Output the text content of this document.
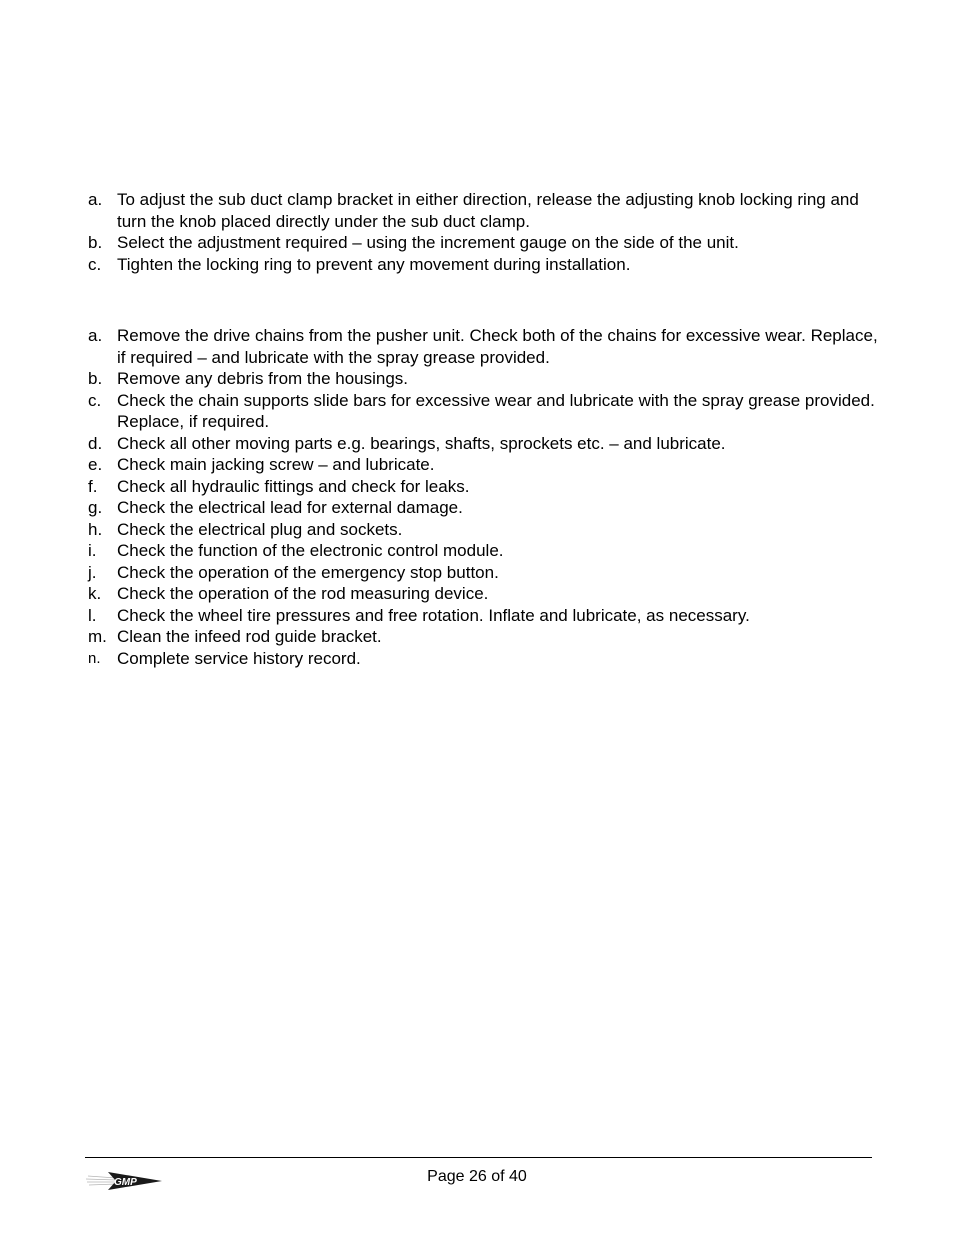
a. To adjust the sub duct clamp bracket in either direction, release the adjusting knob locking ring and turn the knob placed directly under the sub duct clamp.
b. Select the adjustment required – using the increment gauge on the side of the unit.
c. Tighten the locking ring to prevent any movement during installation.
a. Remove the drive chains from the pusher unit. Check both of the chains for excessive wear. Replace, if required – and lubricate with the spray grease provided.
b. Remove any debris from the housings.
c. Check the chain supports slide bars for excessive wear and lubricate with the spray grease provided. Replace, if required.
d. Check all other moving parts e.g. bearings, shafts, sprockets etc. – and lubricate.
e. Check main jacking screw – and lubricate.
f. Check all hydraulic fittings and check for leaks.
g. Check the electrical lead for external damage.
h. Check the electrical plug and sockets.
i. Check the function of the electronic control module.
j. Check the operation of the emergency stop button.
k. Check the operation of the rod measuring device.
l. Check the wheel tire pressures and free rotation. Inflate and lubricate, as necessary.
m. Clean the infeed rod guide bracket.
n. Complete service history record.
GMP	Page 26 of 40
